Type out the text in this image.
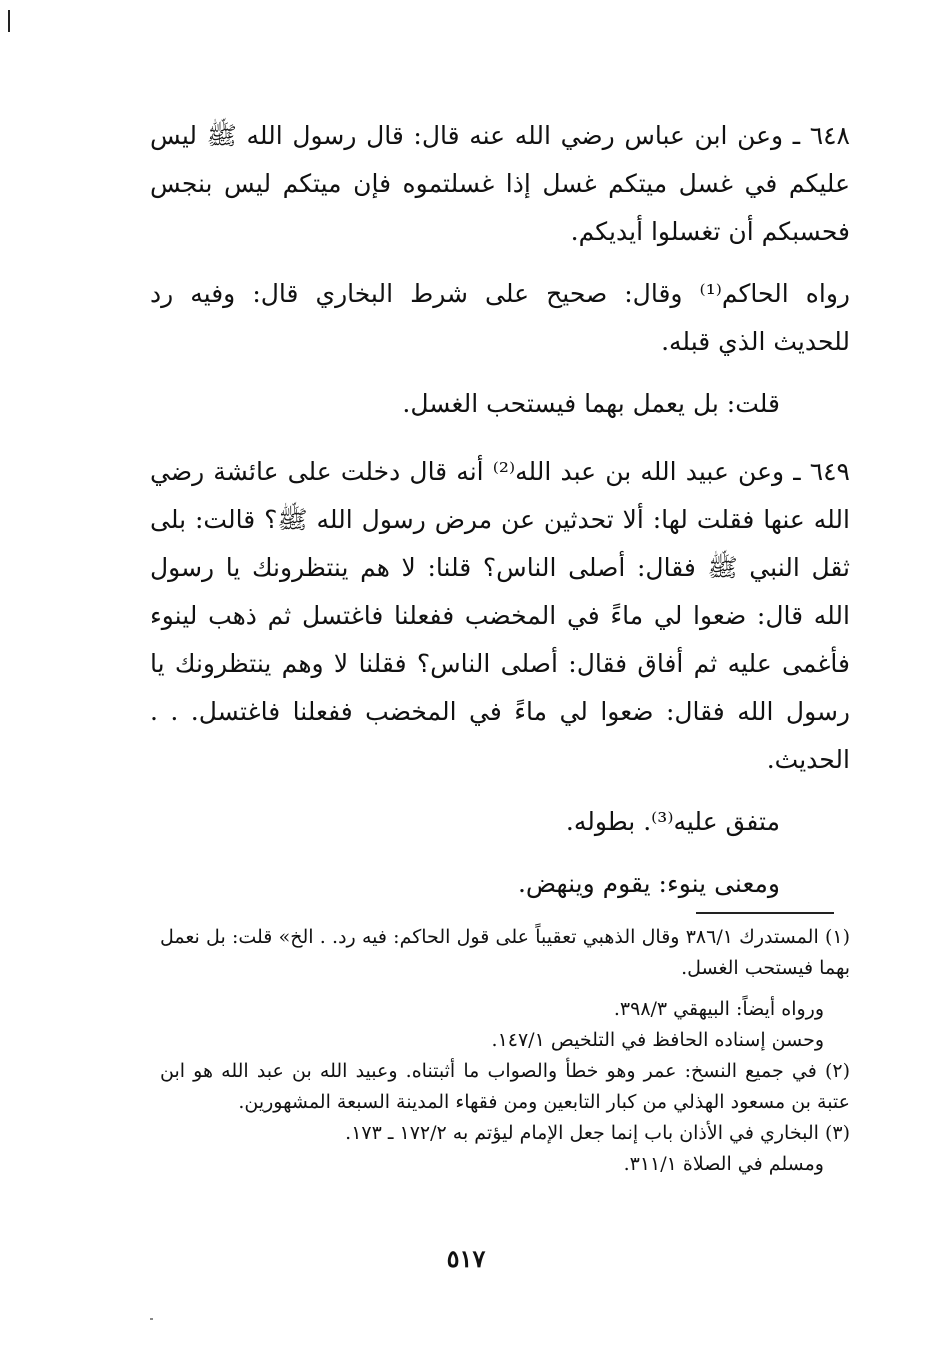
٦٤٨ ـ وعن ابن عباس رضي الله عنه قال: قال رسول الله ﷺ ليس عليكم في غسل ميتكم غسل إذا غسلتموه فإن ميتكم ليس بنجس فحسبكم أن تغسلوا أيديكم.

رواه الحاكم⁽¹⁾ وقال: صحيح على شرط البخاري قال: وفيه رد للحديث الذي قبله.

قلت: بل يعمل بهما فيستحب الغسل.

٦٤٩ ـ وعن عبيد الله بن عبد الله⁽²⁾ أنه قال دخلت على عائشة رضي الله عنها فقلت لها: ألا تحدثين عن مرض رسول الله ﷺ؟ قالت: بلى ثقل النبي ﷺ فقال: أصلى الناس؟ قلنا: لا هم ينتظرونك يا رسول الله قال: ضعوا لي ماءً في المخضب ففعلنا فاغتسل ثم ذهب لينوء فأغمى عليه ثم أفاق فقال: أصلى الناس؟ فقلنا لا وهم ينتظرونك يا رسول الله فقال: ضعوا لي ماءً في المخضب ففعلنا فاغتسل. . . الحديث.

متفق عليه⁽³⁾. بطوله.

ومعنى ينوء: يقوم وينهض.

(١) المستدرك ٣٨٦/١ وقال الذهبي تعقيباً على قول الحاكم: فيه رد. . الخ» قلت: بل نعمل بهما فيستحب الغسل.

ورواه أيضاً: البيهقي ٣٩٨/٣.

وحسن إسناده الحافظ في التلخيص ١٤٧/١.

(٢) في جميع النسخ: عمر وهو خطأ والصواب ما أثبتناه. وعبيد الله بن عبد الله هو ابن عتبة بن مسعود الهذلي من كبار التابعين ومن فقهاء المدينة السبعة المشهورين.

(٣) البخاري في الأذان باب إنما جعل الإمام ليؤتم به ١٧٢/٢ ـ ١٧٣.

ومسلم في الصلاة ٣١١/١.

٥١٧
